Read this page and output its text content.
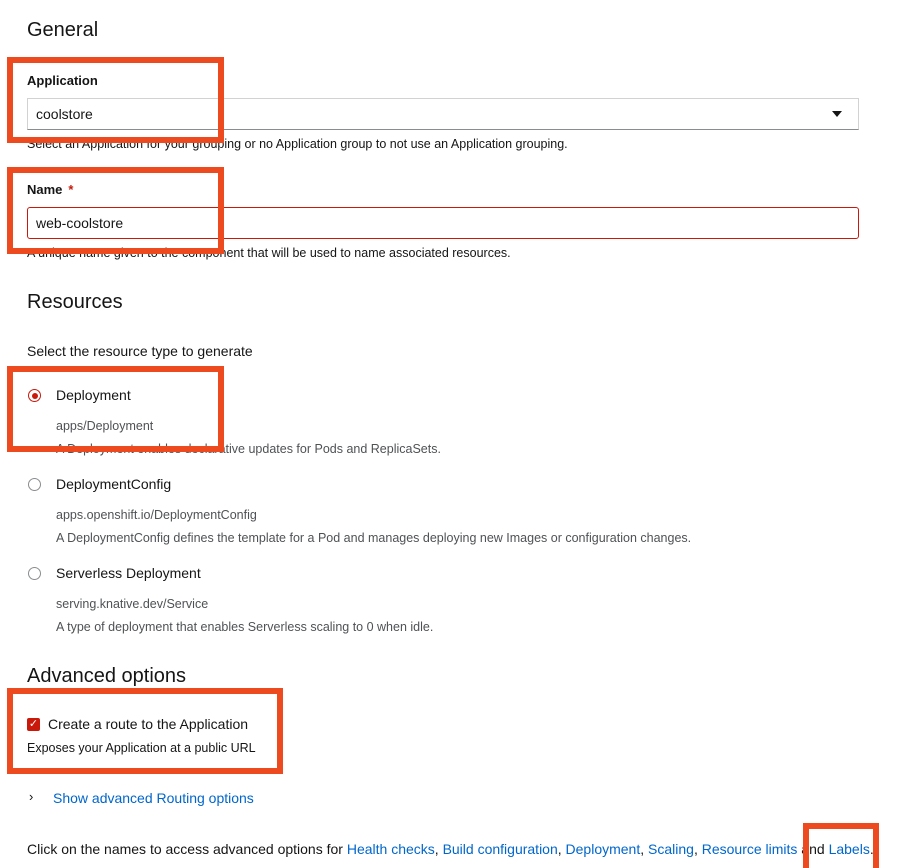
General
Application
coolstore
Select an Application for your grouping or no Application group to not use an Application grouping.
Name *
web-coolstore
A unique name given to the component that will be used to name associated resources.
Resources
Select the resource type to generate
Deployment
apps/Deployment
A Deployment enables declarative updates for Pods and ReplicaSets.
DeploymentConfig
apps.openshift.io/DeploymentConfig
A DeploymentConfig defines the template for a Pod and manages deploying new Images or configuration changes.
Serverless Deployment
serving.knative.dev/Service
A type of deployment that enables Serverless scaling to 0 when idle.
Advanced options
✓ Create a route to the Application
Exposes your Application at a public URL
› Show advanced Routing options
Click on the names to access advanced options for Health checks, Build configuration, Deployment, Scaling, Resource limits and Labels.
